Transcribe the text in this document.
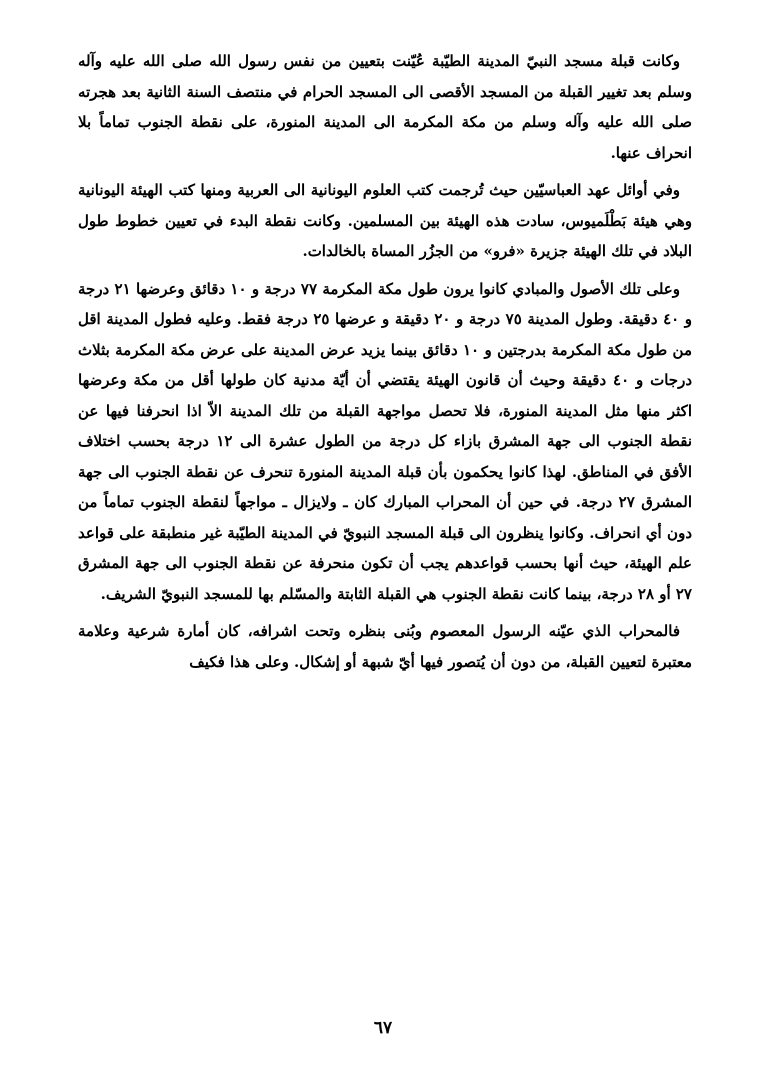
وكانت قبلة مسجد النبيّ المدينة الطيّبة عُيّنت بتعيين من نفس رسول الله صلى الله عليه وآله وسلم بعد تغيير القبلة من المسجد الأقصى الى المسجد الحرام في منتصف السنة الثانية بعد هجرته صلى الله عليه وآله وسلم من مكة المكرمة الى المدينة المنورة، على نقطة الجنوب تماماً بلا انحراف عنها.

وفي أوائل عهد العباسيّين حيث تُرجمت كتب العلوم اليونانية الى العربية ومنها كتب الهيئة اليونانية وهي هيئة بَطْلَميوس، سادت هذه الهيئة بين المسلمين. وكانت نقطة البدء في تعيين خطوط طول البلاد في تلك الهيئة جزيرة «فرو» من الجزُر المساة بالخالدات.

وعلى تلك الأصول والمبادي كانوا يرون طول مكة المكرمة ٧٧ درجة و ١٠ دقائق وعرضها ٢١ درجة و ٤٠ دقيقة. وطول المدينة ٧٥ درجة و ٢٠ دقيقة و عرضها ٢٥ درجة فقط. وعليه فطول المدينة اقل من طول مكة المكرمة بدرجتين و ١٠ دقائق بينما يزيد عرض المدينة على عرض مكة المكرمة بثلاث درجات و ٤٠ دقيقة وحيث أن قانون الهيئة يقتضي أن أيّة مدنية كان طولها أقل من مكة وعرضها اكثر منها مثل المدينة المنورة، فلا تحصل مواجهة القبلة من تلك المدينة الاّ اذا انحرفنا فيها عن نقطة الجنوب الى جهة المشرق بازاء كل درجة من الطول عشرة الى ١٢ درجة بحسب اختلاف الأفق في المناطق. لهذا كانوا يحكمون بأن قبلة المدينة المنورة تنحرف عن نقطة الجنوب الى جهة المشرق ٢٧ درجة. في حين أن المحراب المبارك كان ـ ولايزال ـ مواجهاً لنقطة الجنوب تماماً من دون أي انحراف. وكانوا ينظرون الى قبلة المسجد النبويّ في المدينة الطيّبة غير منطبقة على قواعد علم الهيئة، حيث أنها بحسب قواعدهم يجب أن تكون منحرفة عن نقطة الجنوب الى جهة المشرق ٢٧ أو ٢٨ درجة، بينما كانت نقطة الجنوب هي القبلة الثابتة والمسّلم بها للمسجد النبويّ الشريف.

فالمحراب الذي عيّنه الرسول المعصوم وبُنى بنظره وتحت اشرافه، كان أمارة شرعية وعلامة معتبرة لتعيين القبلة، من دون أن يُتصور فيها أيّ شبهة أو إشكال. وعلى هذا فكيف

٦٧
